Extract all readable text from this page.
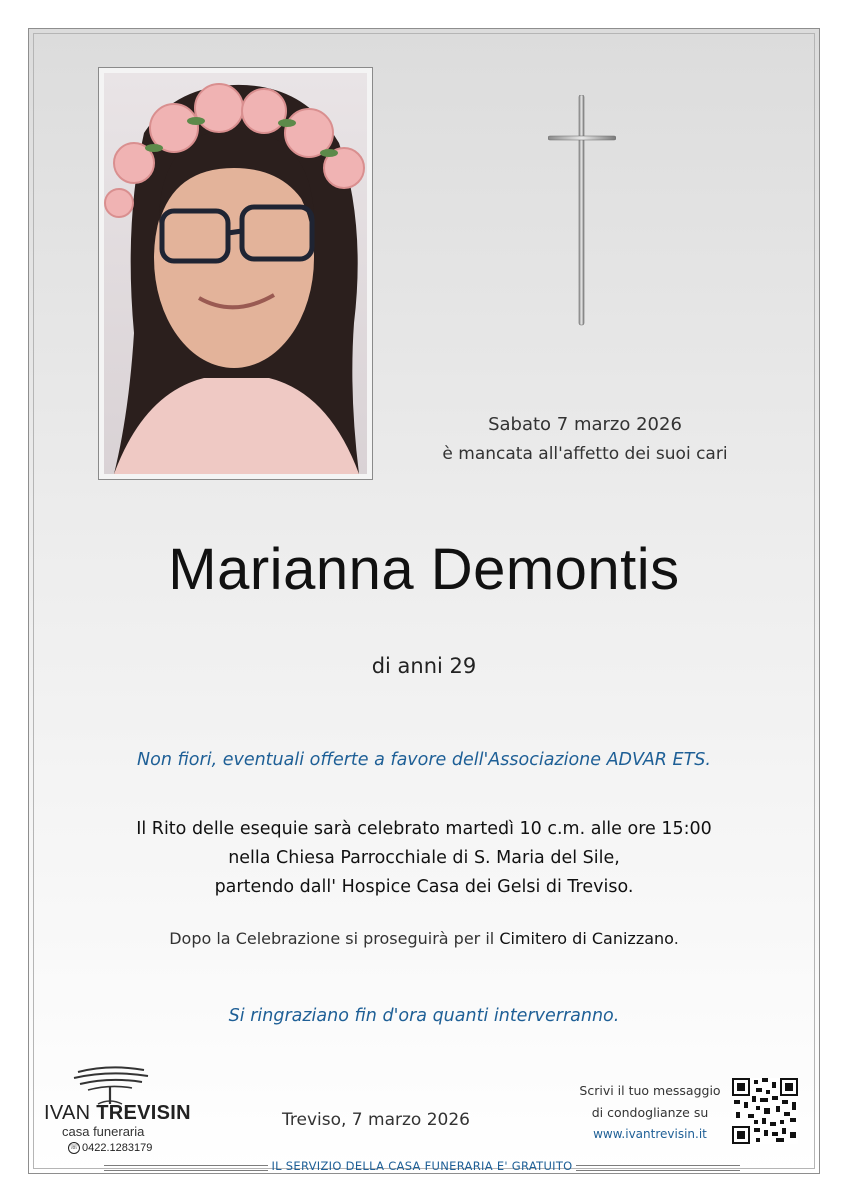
Sabato 7 marzo 2026
è mancata all'affetto dei suoi cari
Marianna Demontis
di anni 29
Non fiori, eventuali offerte a favore dell'Associazione ADVAR ETS.
Il Rito delle esequie sarà celebrato martedì 10 c.m. alle ore 15:00
nella Chiesa Parrocchiale di S. Maria del Sile,
partendo dall' Hospice Casa dei Gelsi di Treviso.
Dopo la Celebrazione si proseguirà per il Cimitero di Canizzano.
Si ringraziano fin d'ora quanti interverranno.
IVAN TREVISIN
casa funeraria
☏ 0422.1283179
Treviso, 7 marzo 2026
Scrivi il tuo messaggio
di condoglianze su
www.ivantrevisin.it
IL SERVIZIO DELLA CASA FUNERARIA E' GRATUITO
